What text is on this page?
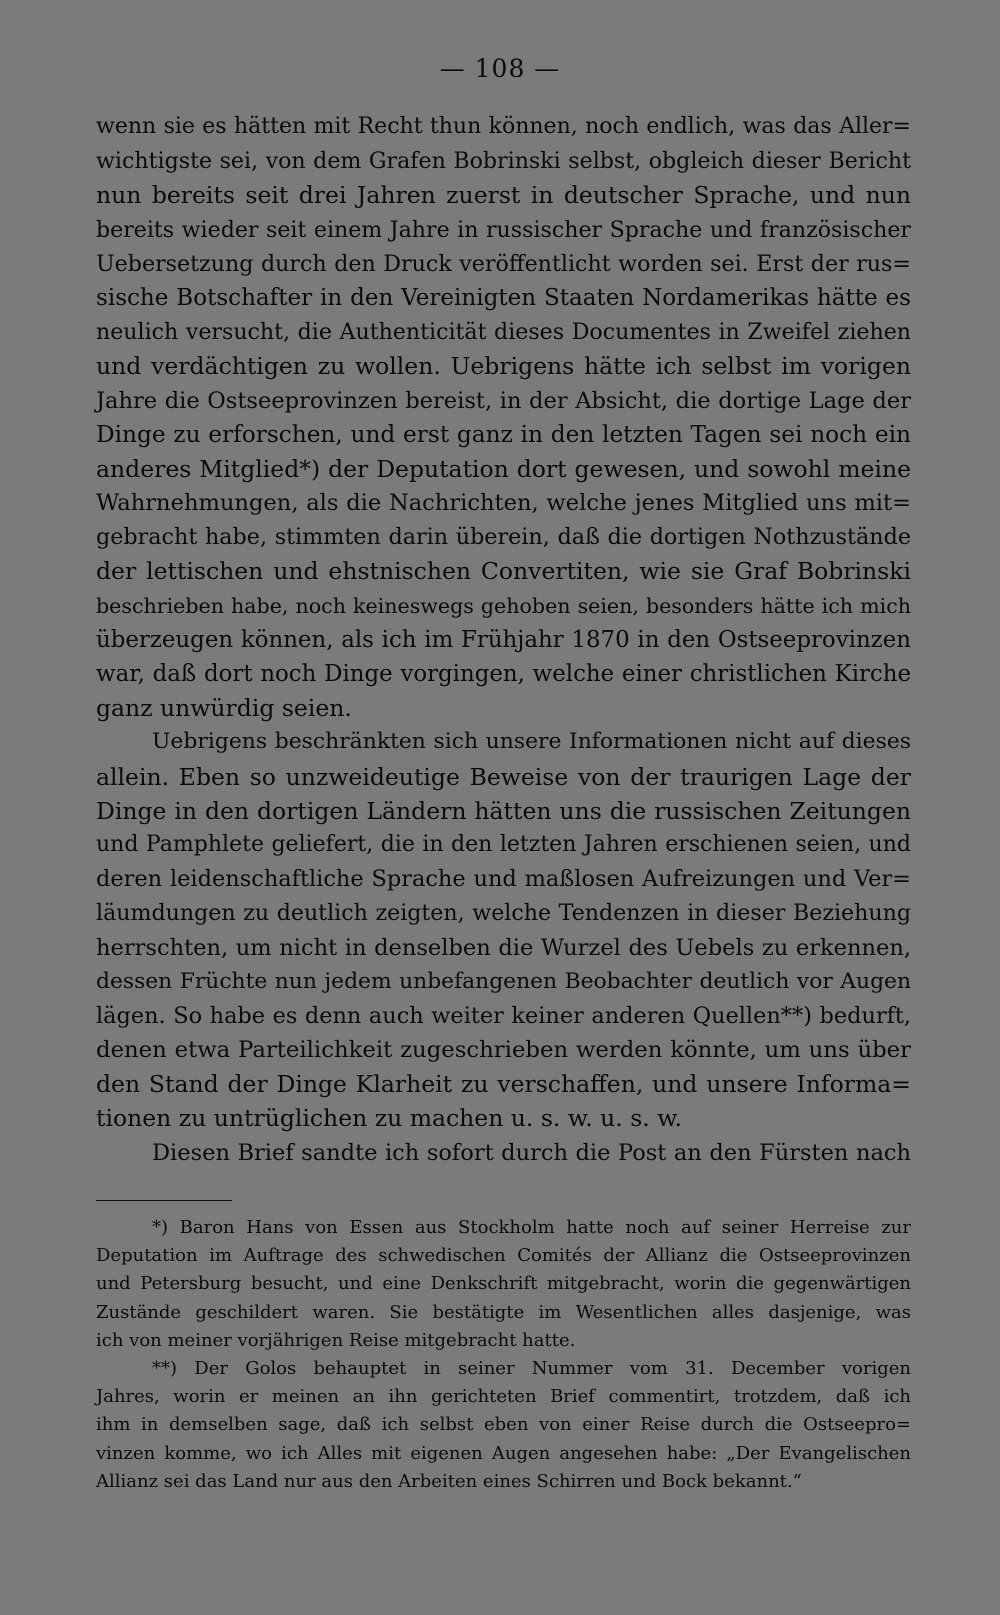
— 108 —
wenn sie es hätten mit Recht thun können, noch endlich, was das Aller=
wichtigste sei, von dem Grafen Bobrinski selbst, obgleich dieser Bericht
nun bereits seit drei Jahren zuerst in deutscher Sprache, und nun
bereits wieder seit einem Jahre in russischer Sprache und französischer
Uebersetzung durch den Druck veröffentlicht worden sei. Erst der rus=
sische Botschafter in den Vereinigten Staaten Nordamerikas hätte es
neulich versucht, die Authenticität dieses Documentes in Zweifel ziehen
und verdächtigen zu wollen. Uebrigens hätte ich selbst im vorigen
Jahre die Ostseeprovinzen bereist, in der Absicht, die dortige Lage der
Dinge zu erforschen, und erst ganz in den letzten Tagen sei noch ein
anderes Mitglied*) der Deputation dort gewesen, und sowohl meine
Wahrnehmungen, als die Nachrichten, welche jenes Mitglied uns mit=
gebracht habe, stimmten darin überein, daß die dortigen Nothzustände
der lettischen und ehstnischen Convertiten, wie sie Graf Bobrinski
beschrieben habe, noch keineswegs gehoben seien, besonders hätte ich mich
überzeugen können, als ich im Frühjahr 1870 in den Ostseeprovinzen
war, daß dort noch Dinge vorgingen, welche einer christlichen Kirche
ganz unwürdig seien.
Uebrigens beschränkten sich unsere Informationen nicht auf dieses
allein. Eben so unzweideutige Beweise von der traurigen Lage der
Dinge in den dortigen Ländern hätten uns die russischen Zeitungen
und Pamphlete geliefert, die in den letzten Jahren erschienen seien, und
deren leidenschaftliche Sprache und maßlosen Aufreizungen und Ver=
läumdungen zu deutlich zeigten, welche Tendenzen in dieser Beziehung
herrschten, um nicht in denselben die Wurzel des Uebels zu erkennen,
dessen Früchte nun jedem unbefangenen Beobachter deutlich vor Augen
lägen. So habe es denn auch weiter keiner anderen Quellen**) bedurft,
denen etwa Parteilichkeit zugeschrieben werden könnte, um uns über
den Stand der Dinge Klarheit zu verschaffen, und unsere Informa=
tionen zu untrüglichen zu machen u. s. w. u. s. w.
Diesen Brief sandte ich sofort durch die Post an den Fürsten nach
*) Baron Hans von Essen aus Stockholm hatte noch auf seiner Herreise zur
Deputation im Auftrage des schwedischen Comités der Allianz die Ostseeprovinzen
und Petersburg besucht, und eine Denkschrift mitgebracht, worin die gegenwärtigen
Zustände geschildert waren. Sie bestätigte im Wesentlichen alles dasjenige, was
ich von meiner vorjährigen Reise mitgebracht hatte.
**) Der Golos behauptet in seiner Nummer vom 31. December vorigen
Jahres, worin er meinen an ihn gerichteten Brief commentirt, trotzdem, daß ich
ihm in demselben sage, daß ich selbst eben von einer Reise durch die Ostseepro=
vinzen komme, wo ich Alles mit eigenen Augen angesehen habe: „Der Evangelischen
Allianz sei das Land nur aus den Arbeiten eines Schirren und Bock bekannt.“
